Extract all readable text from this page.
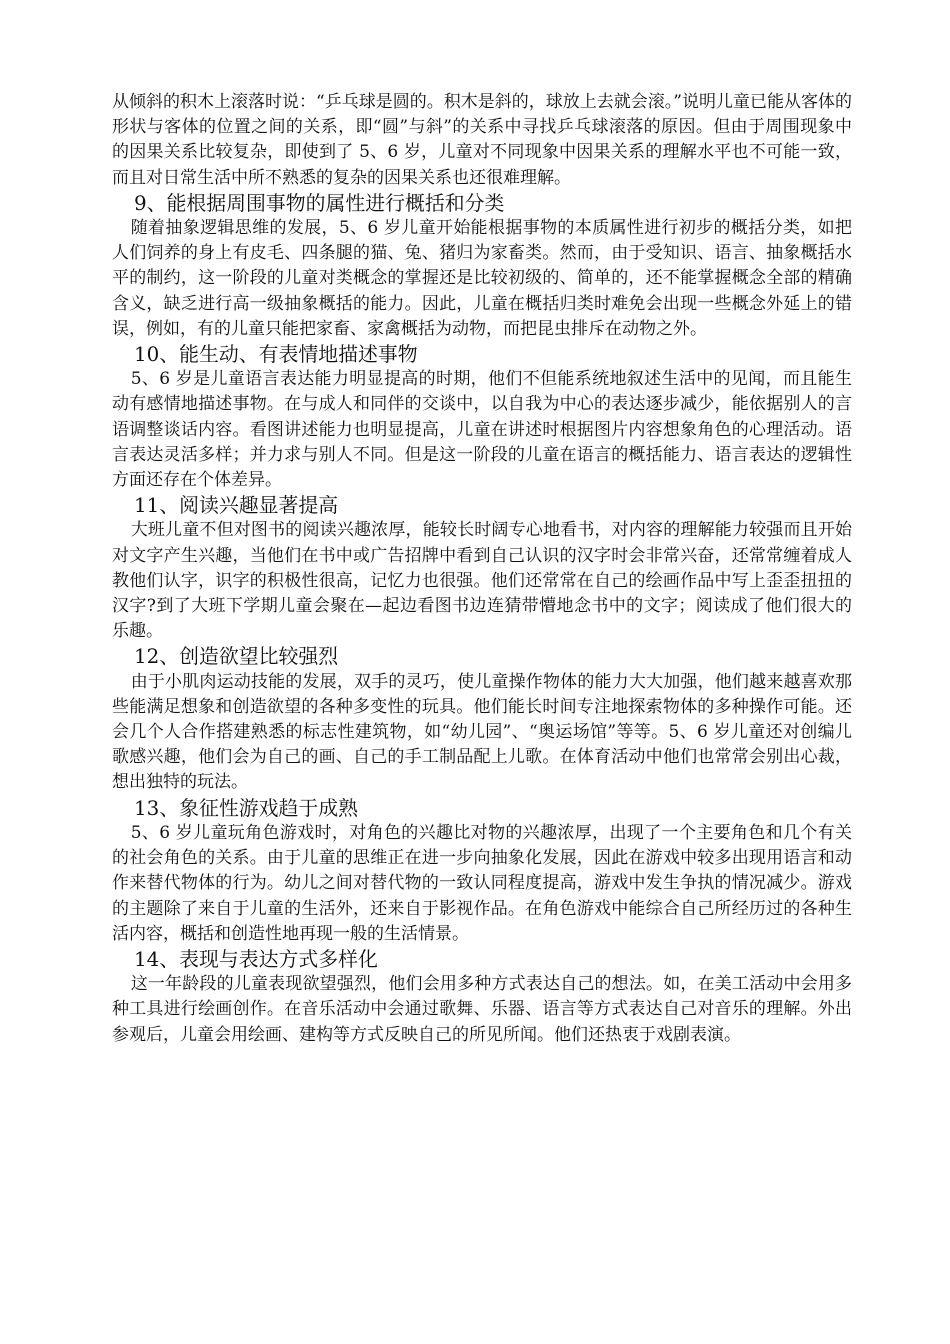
从倾斜的积木上滚落时说：“乒乓球是圆的。积木是斜的，球放上去就会滚。”说明儿童已能从客体的形状与客体的位置之间的关系，即“圆”与斜”的关系中寻找乒乓球滚落的原因。但由于周围现象中的因果关系比较复杂，即使到了 5、6 岁，儿童对不同现象中因果关系的理解水平也不可能一致，而且对日常生活中所不熟悉的复杂的因果关系也还很难理解。

9、能根据周围事物的属性进行概括和分类

随着抽象逻辑思维的发展，5、6 岁儿童开始能根据事物的本质属性进行初步的概括分类，如把人们饲养的身上有皮毛、四条腿的猫、兔、猪归为家畜类。然而，由于受知识、语言、抽象概括水平的制约，这一阶段的儿童对类概念的掌握还是比较初级的、简单的，还不能掌握概念全部的精确含义，缺乏进行高一级抽象概括的能力。因此，儿童在概括归类时难免会出现一些概念外延上的错误，例如，有的儿童只能把家畜、家禽概括为动物，而把昆虫排斥在动物之外。

10、能生动、有表情地描述事物

5、6 岁是儿童语言表达能力明显提高的时期，他们不但能系统地叙述生活中的见闻，而且能生动有感情地描述事物。在与成人和同伴的交谈中，以自我为中心的表达逐步减少，能依据别人的言语调整谈话内容。看图讲述能力也明显提高，儿童在讲述时根据图片内容想象角色的心理活动。语言表达灵活多样；并力求与别人不同。但是这一阶段的儿童在语言的概括能力、语言表达的逻辑性方面还存在个体差异。

11、阅读兴趣显著提高

大班儿童不但对图书的阅读兴趣浓厚，能较长时阔专心地看书，对内容的理解能力较强而且开始对文字产生兴趣，当他们在书中或广告招牌中看到自己认识的汉字时会非常兴奋，还常常缠着成人教他们认字，识字的积极性很高，记忆力也很强。他们还常常在自己的绘画作品中写上歪歪扭扭的汉字?到了大班下学期儿童会聚在—起边看图书边连猜带懵地念书中的文字；阅读成了他们很大的乐趣。

12、创造欲望比较强烈

由于小肌肉运动技能的发展，双手的灵巧，使儿童操作物体的能力大大加强，他们越来越喜欢那些能满足想象和创造欲望的各种多变性的玩具。他们能长时间专注地探索物体的多种操作可能。还会几个人合作搭建熟悉的标志性建筑物，如“幼儿园”、“奥运场馆”等等。5、6 岁儿童还对创编儿歌感兴趣，他们会为自己的画、自己的手工制品配上儿歌。在体育活动中他们也常常会别出心裁，想出独特的玩法。

13、象征性游戏趋于成熟

5、6 岁儿童玩角色游戏时，对角色的兴趣比对物的兴趣浓厚，出现了一个主要角色和几个有关的社会角色的关系。由于儿童的思维正在进一步向抽象化发展，因此在游戏中较多出现用语言和动作来替代物体的行为。幼儿之间对替代物的一致认同程度提高，游戏中发生争执的情况减少。游戏的主题除了来自于儿童的生活外，还来自于影视作品。在角色游戏中能综合自己所经历过的各种生活内容，概括和创造性地再现一般的生活情景。

14、表现与表达方式多样化

这一年龄段的儿童表现欲望强烈，他们会用多种方式表达自己的想法。如，在美工活动中会用多种工具进行绘画创作。在音乐活动中会通过歌舞、乐器、语言等方式表达自己对音乐的理解。外出参观后，儿童会用绘画、建构等方式反映自己的所见所闻。他们还热衷于戏剧表演。
